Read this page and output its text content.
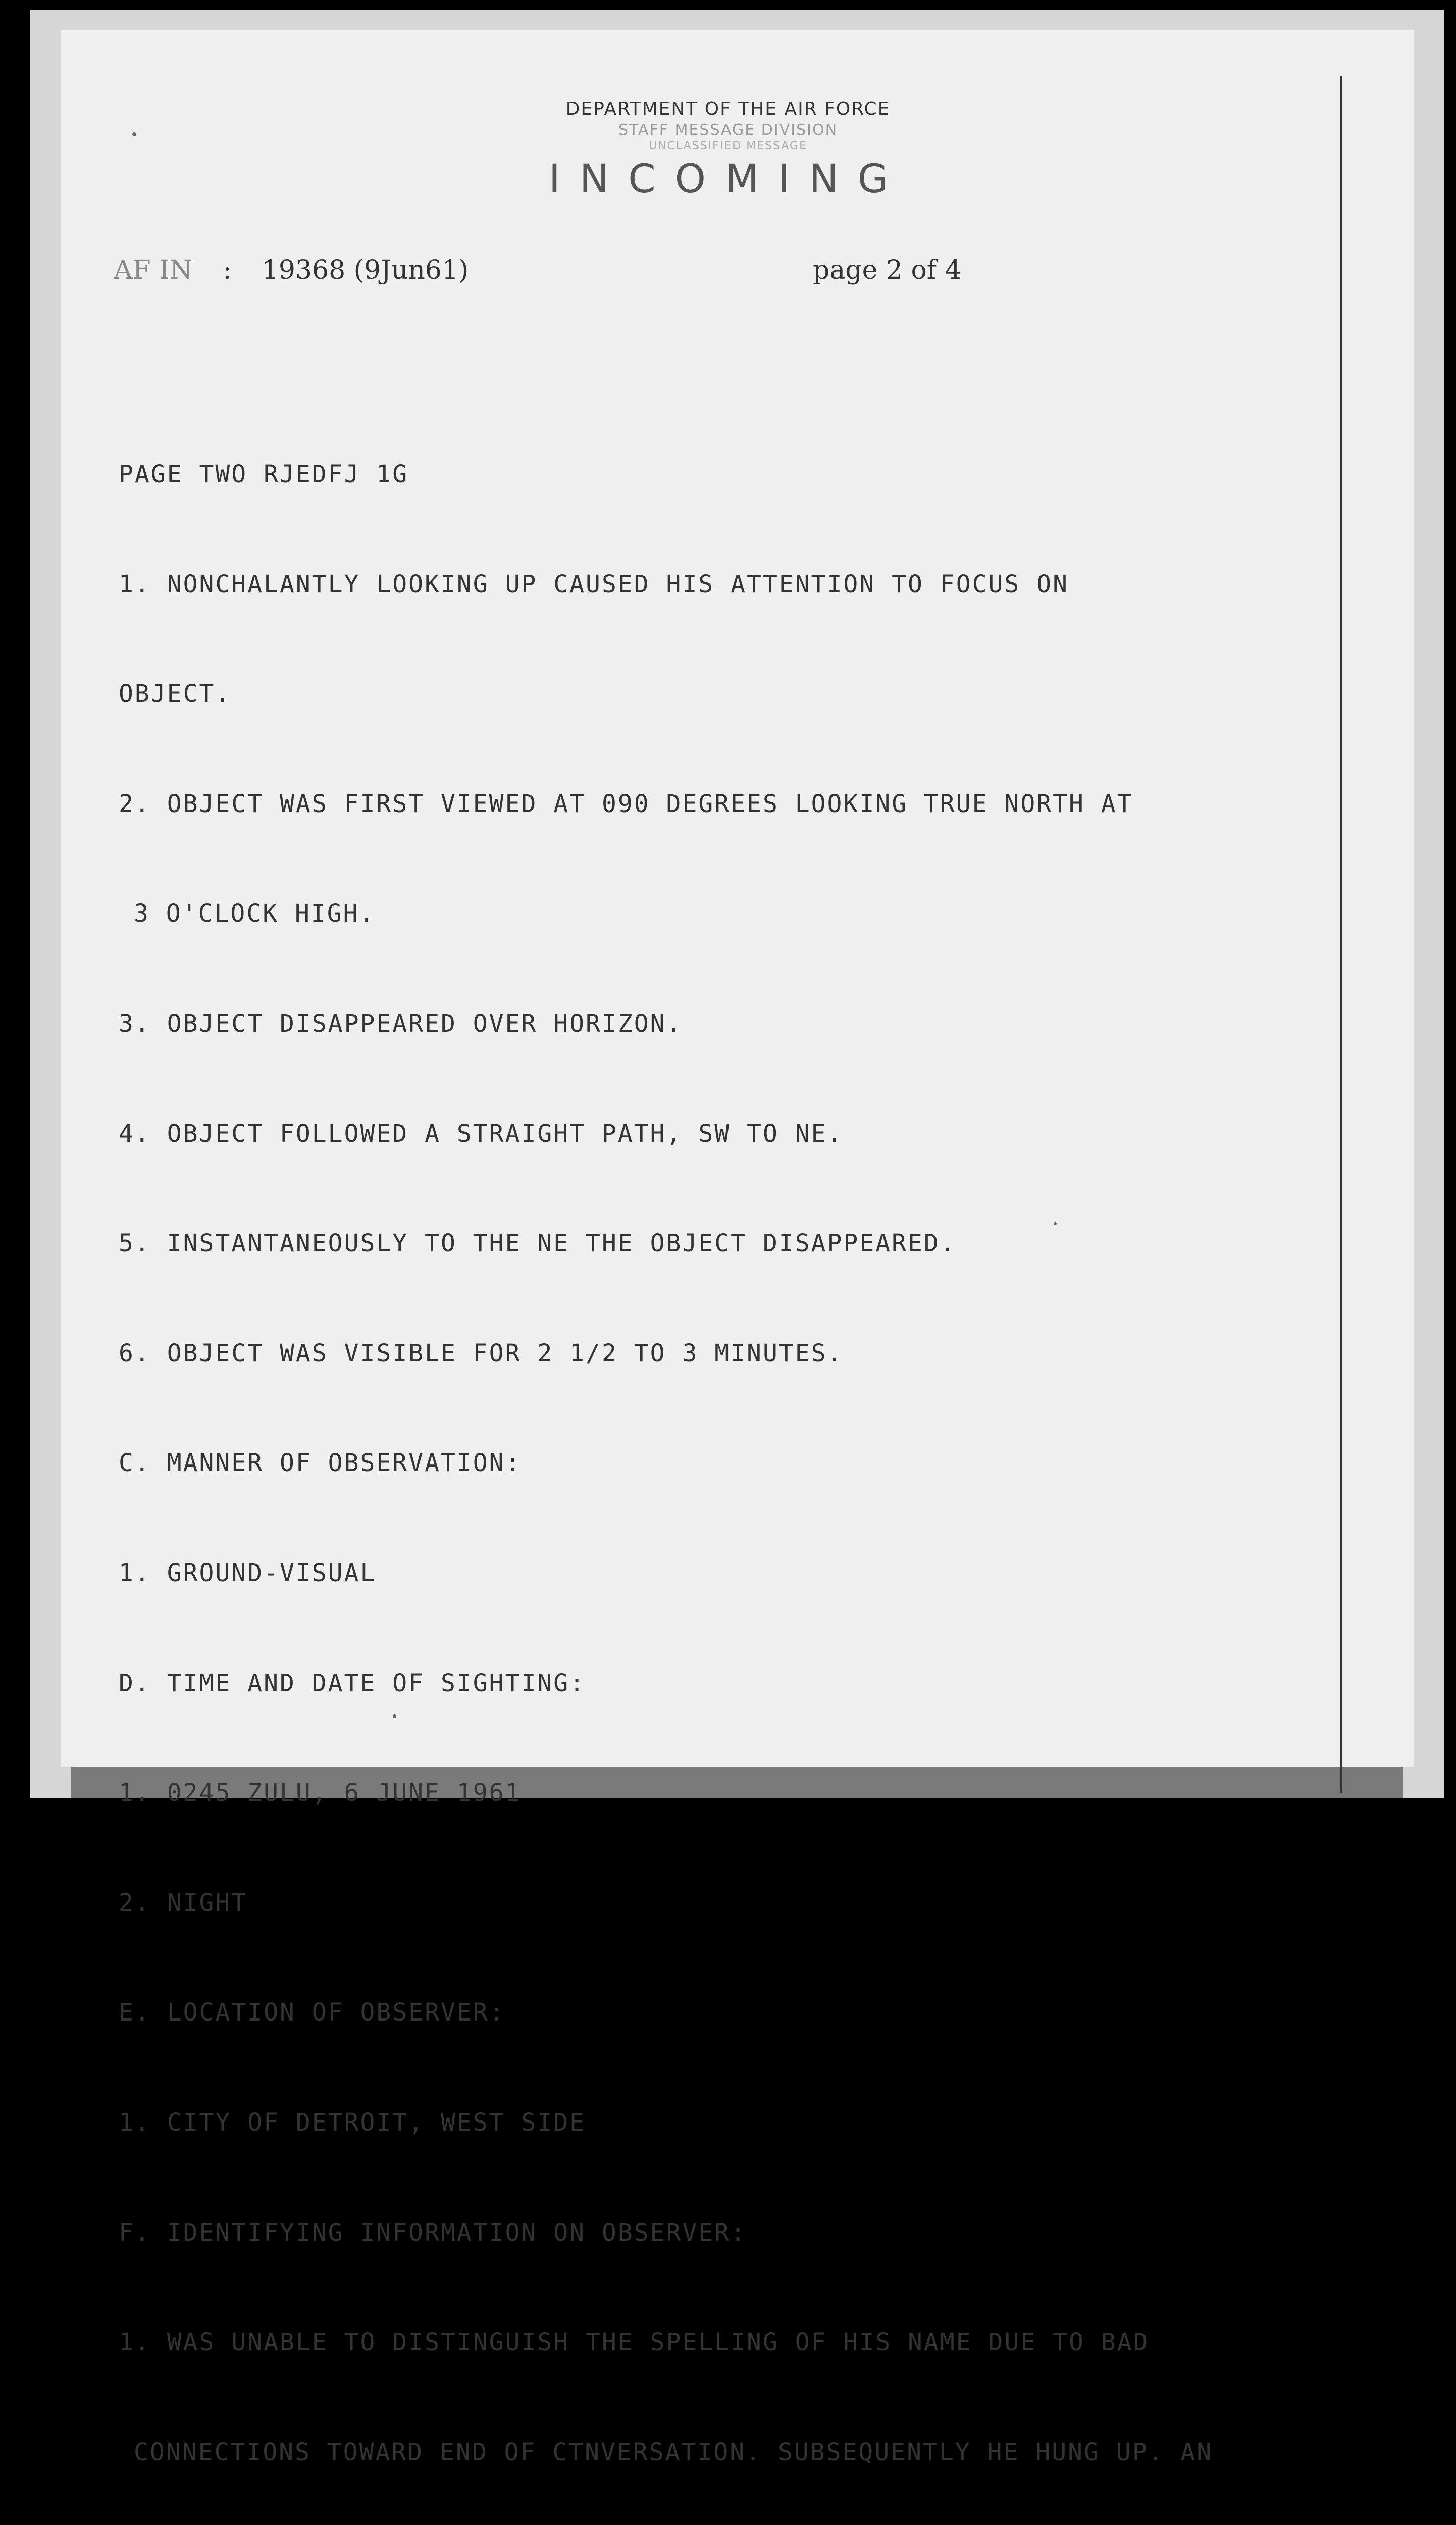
DEPARTMENT OF THE AIR FORCE
STAFF MESSAGE DIVISION
UNCLASSIFIED MESSAGE
INCOMING
AF IN : 19368 (9Jun61)	page 2 of 4

PAGE TWO RJEDFJ 1G

1. NONCHALANTLY LOOKING UP CAUSED HIS ATTENTION TO FOCUS ON

OBJECT.

2. OBJECT WAS FIRST VIEWED AT 090 DEGREES LOOKING TRUE NORTH AT

3 O'CLOCK HIGH.

3. OBJECT DISAPPEARED OVER HORIZON.

4. OBJECT FOLLOWED A STRAIGHT PATH, SW TO NE.

5. INSTANTANEOUSLY TO THE NE THE OBJECT DISAPPEARED.

6. OBJECT WAS VISIBLE FOR 2 1/2 TO 3 MINUTES.

C. MANNER OF OBSERVATION:

1. GROUND-VISUAL

D. TIME AND DATE OF SIGHTING:

1. 0245 ZULU, 6 JUNE 1961

2. NIGHT

E. LOCATION OF OBSERVER:

1. CITY OF DETROIT, WEST SIDE

F. IDENTIFYING INFORMATION ON OBSERVER:

1. WAS UNABLE TO DISTINGUISH THE SPELLING OF HIS NAME DUE TO BAD

CONNECTIONS TOWARD END OF CTNVERSATION. SUBSEQUENTLY HE HUNG UP. AN
